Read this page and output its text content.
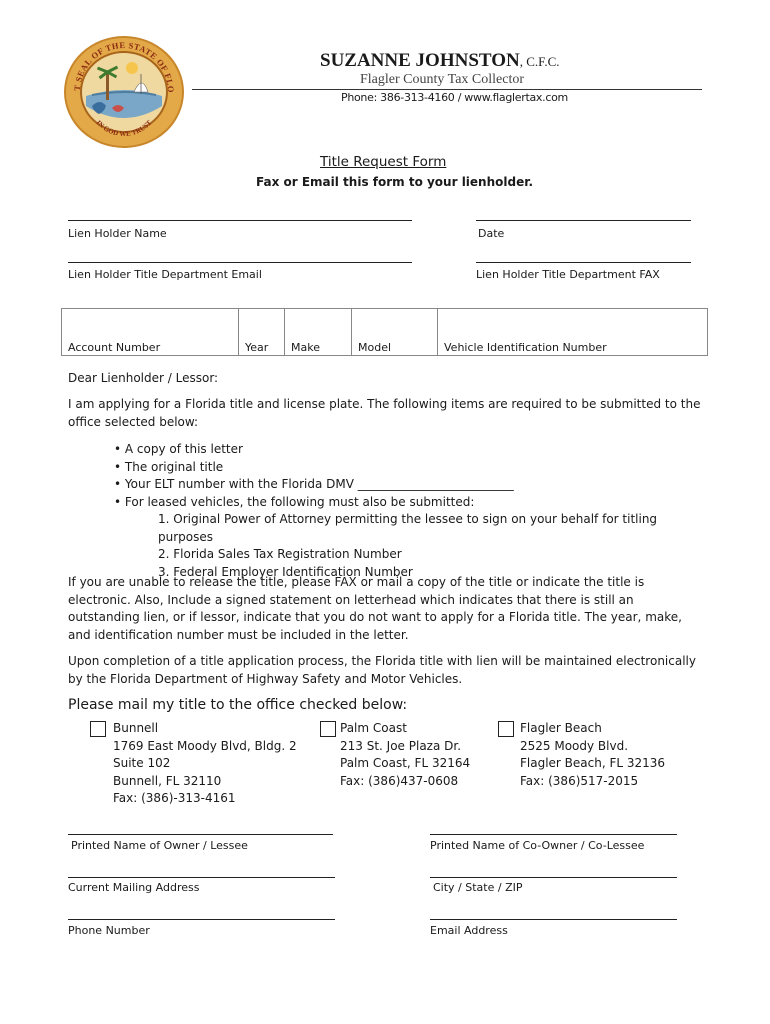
T SEAL OF THE STATE OF FLO
IN GOD WE TRUST
SUZANNE JOHNSTON, C.F.C.
Flagler County Tax Collector
Phone: 386-313-4160 / www.flaglertax.com
Title Request Form
Fax or Email this form to your lienholder.
Lien Holder Name	Date
Lien Holder Title Department Email	Lien Holder Title Department FAX
Account Number	Year	Make	Model	Vehicle Identification Number
Dear Lienholder / Lessor:
I am applying for a Florida title and license plate. The following items are required to be submitted to the office selected below:
• A copy of this letter
• The original title
• Your ELT number with the Florida DMV __________________________
• For leased vehicles, the following must also be submitted:
1. Original Power of Attorney permitting the lessee to sign on your behalf for titling purposes
2. Florida Sales Tax Registration Number
3. Federal Employer Identification Number
If you are unable to release the title, please FAX or mail a copy of the title or indicate the title is electronic. Also, Include a signed statement on letterhead which indicates that there is still an outstanding lien, or if lessor, indicate that you do not want to apply for a Florida title. The year, make, and identification number must be included in the letter.
Upon completion of a title application process, the Florida title with lien will be maintained electronically by the Florida Department of Highway Safety and Motor Vehicles.
Please mail my title to the office checked below:
Bunnell
1769 East Moody Blvd, Bldg. 2
Suite 102
Bunnell, FL 32110
Fax: (386)-313-4161
Palm Coast
213 St. Joe Plaza Dr.
Palm Coast, FL 32164
Fax: (386)437-0608
Flagler Beach
2525 Moody Blvd.
Flagler Beach, FL 32136
Fax: (386)517-2015
Printed Name of Owner / Lessee	Printed Name of Co-Owner / Co-Lessee
Current Mailing Address	City / State / ZIP
Phone Number	Email Address
